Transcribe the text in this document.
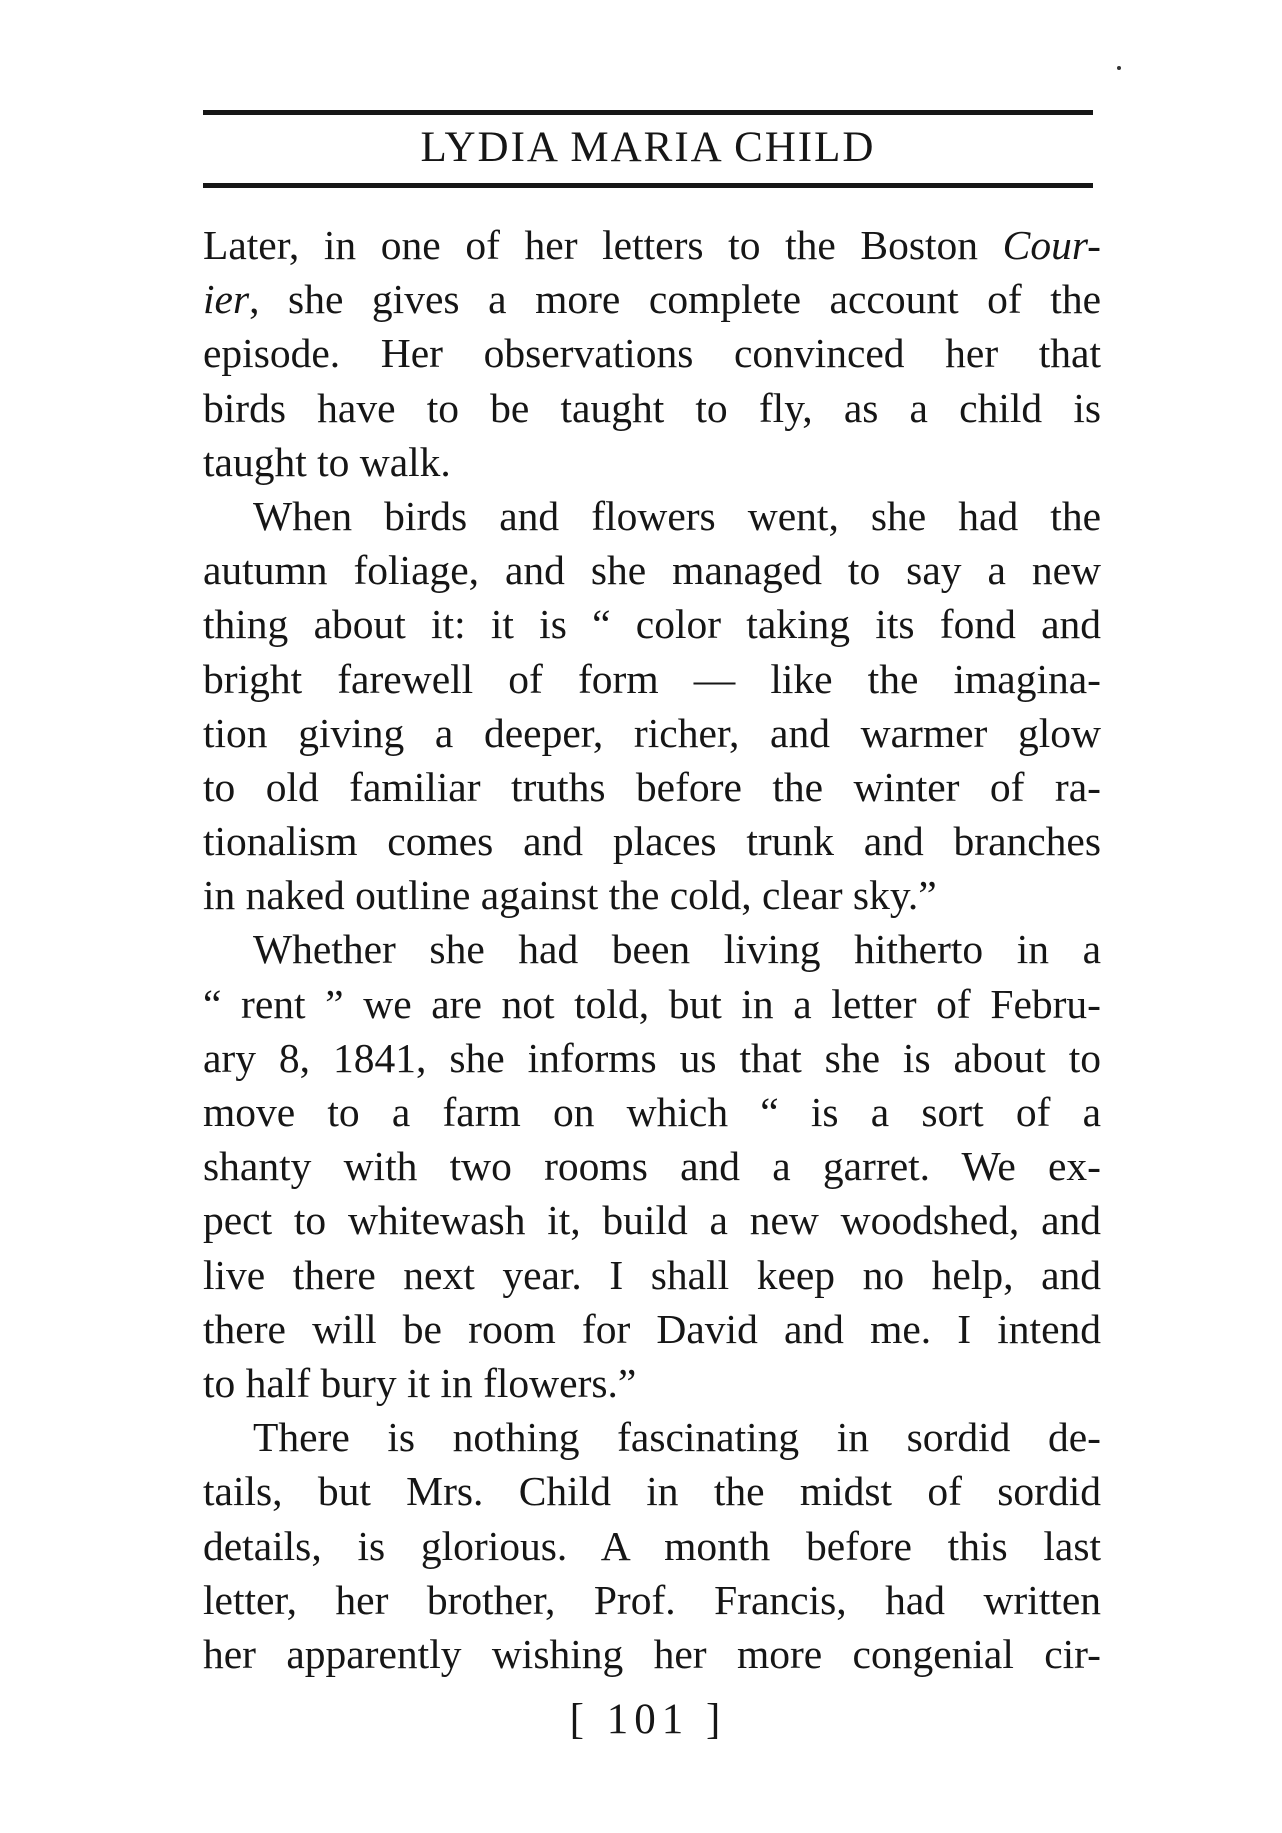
LYDIA MARIA CHILD
Later, in one of her letters to the Boston Cour-
ier, she gives a more complete account of the
episode. Her observations convinced her that
birds have to be taught to fly, as a child is
taught to walk.
When birds and flowers went, she had the
autumn foliage, and she managed to say a new
thing about it: it is “ color taking its fond and
bright farewell of form — like the imagina-
tion giving a deeper, richer, and warmer glow
to old familiar truths before the winter of ra-
tionalism comes and places trunk and branches
in naked outline against the cold, clear sky.”
Whether she had been living hitherto in a
“ rent ” we are not told, but in a letter of Febru-
ary 8, 1841, she informs us that she is about to
move to a farm on which “ is a sort of a
shanty with two rooms and a garret. We ex-
pect to whitewash it, build a new woodshed, and
live there next year. I shall keep no help, and
there will be room for David and me. I intend
to half bury it in flowers.”
There is nothing fascinating in sordid de-
tails, but Mrs. Child in the midst of sordid
details, is glorious. A month before this last
letter, her brother, Prof. Francis, had written
her apparently wishing her more congenial cir-
[ 101 ]
